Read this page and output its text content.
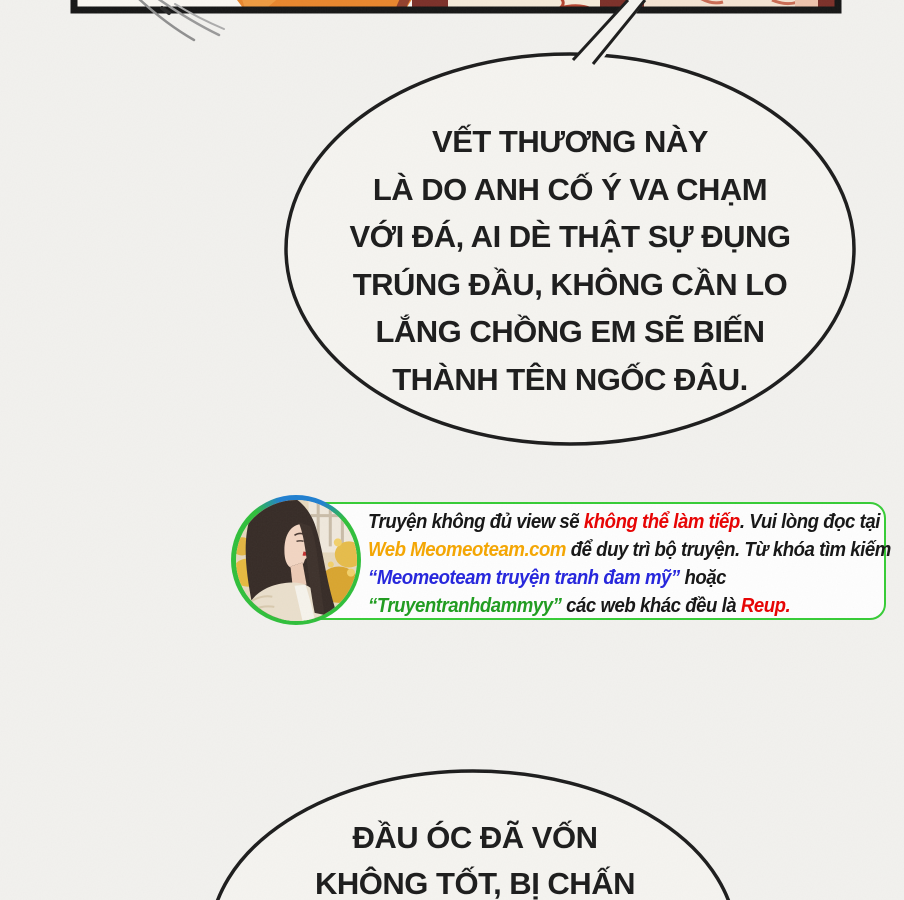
VẾT THƯƠNG NÀY
LÀ DO ANH CỐ Ý VA CHẠM
VỚI ĐÁ, AI DÈ THẬT SỰ ĐỤNG
TRÚNG ĐẦU, KHÔNG CẦN LO
LẮNG CHỒNG EM SẼ BIẾN
THÀNH TÊN NGỐC ĐÂU.
Truyện không đủ view sẽ không thể làm tiếp. Vui lòng đọc tại
Web Meomeoteam.com để duy trì bộ truyện. Từ khóa tìm kiếm
“Meomeoteam truyện tranh đam mỹ” hoặc
“Truyentranhdammyy” các web khác đều là Reup.
ĐẦU ÓC ĐÃ VỐN
KHÔNG TỐT, BỊ CHẤN
